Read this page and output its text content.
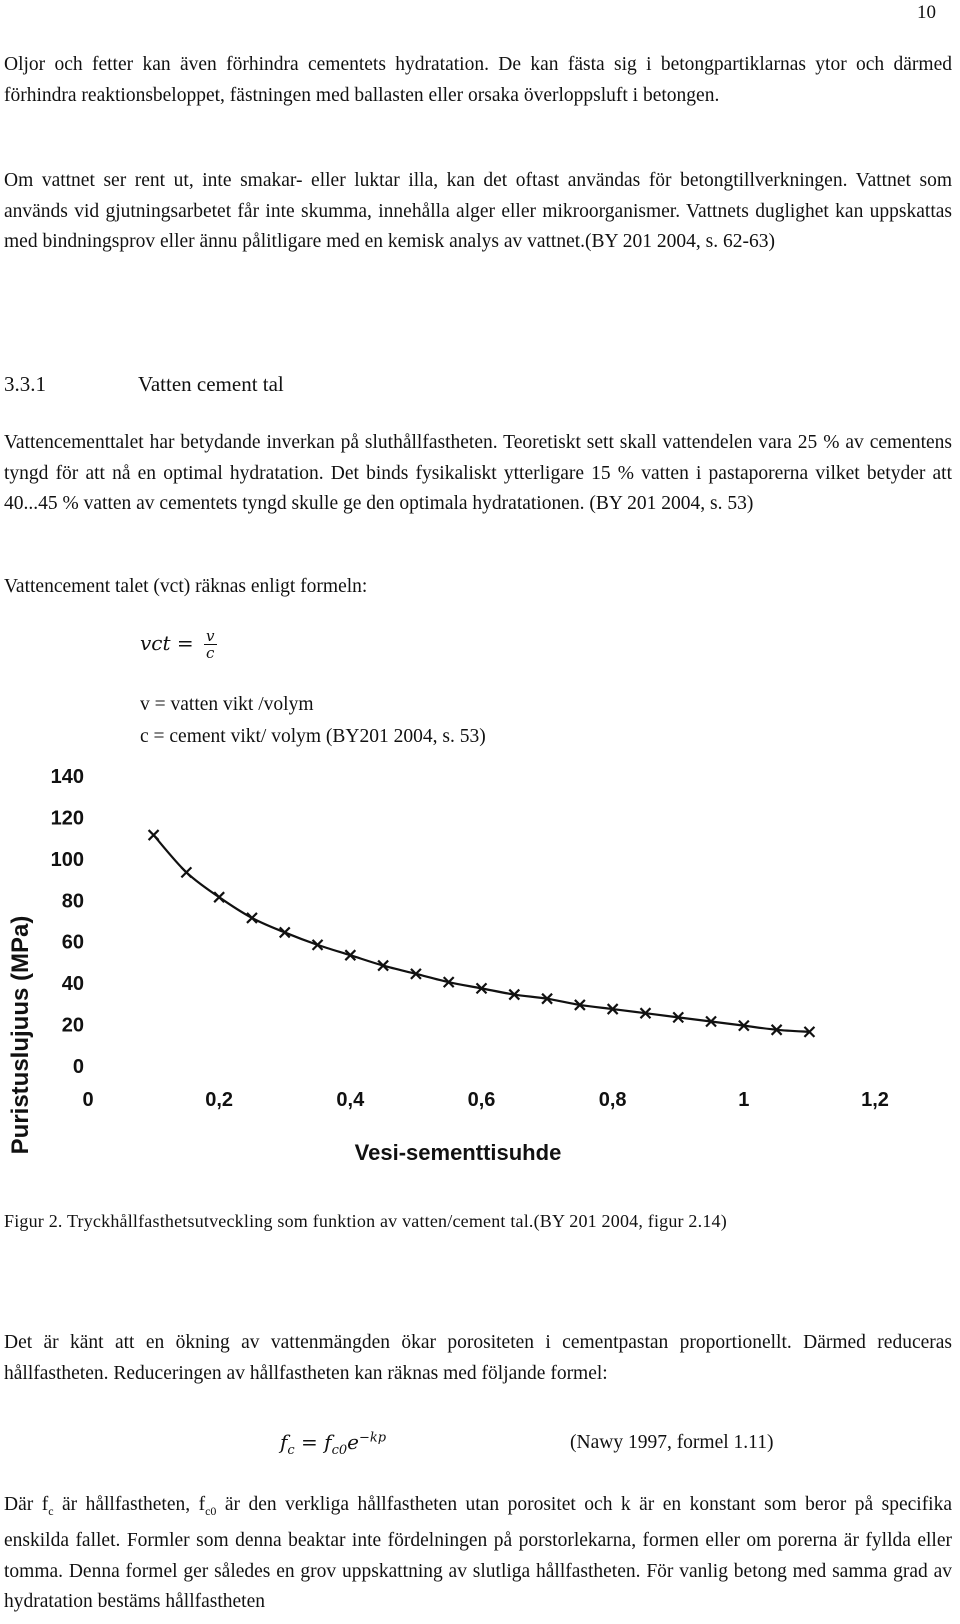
10

Oljor och fetter kan även förhindra cementets hydratation. De kan fästa sig i betongpartiklarnas ytor och därmed förhindra reaktionsbeloppet, fästningen med ballasten eller orsaka överloppsluft i betongen.

Om vattnet ser rent ut, inte smakar- eller luktar illa, kan det oftast användas för betongtillverkningen. Vattnet som används vid gjutningsarbetet får inte skumma, innehålla alger eller mikroorganismer. Vattnets duglighet kan uppskattas med bindningsprov eller ännu pålitligare med en kemisk analys av vattnet.(BY 201 2004, s. 62-63)

3.3.1	Vatten cement tal

Vattencementtalet har betydande inverkan på sluthållfastheten. Teoretiskt sett skall vattendelen vara 25 % av cementens tyngd för att nå en optimal hydratation. Det binds fysikaliskt ytterligare 15 % vatten i pastaporerna vilket betyder att 40...45 % vatten av cementets tyngd skulle ge den optimala hydratationen. (BY 201 2004, s. 53)

Vattencement talet (vct) räknas enligt formeln:

vct = $\frac{v}{c}$
v = vatten vikt /volym
c = cement vikt/ volym (BY201 2004, s. 53)
Puristuslujuus (MPa)	Vesi-sementtisuhde
0
20
40
60
80
100
120
140
0	0,2	0,4	0,6	0,8	1	1,2
Figur 2. Tryckhållfasthetsutveckling som funktion av vatten/cement tal.(BY 201 2004, figur 2.14)

Det är känt att en ökning av vattenmängden ökar porositeten i cementpastan proportionellt. Därmed reduceras hållfastheten. Reduceringen av hållfastheten kan räknas med följande formel:

$f_c = f_{c0}e^{-kp}$	(Nawy 1997, formel 1.11)

Där $f_c$ är hållfastheten, $f_{c0}$ är den verkliga hållfastheten utan porositet och k är en konstant som beror på specifika enskilda fallet. Formler som denna beaktar inte fördelningen på porstorlekarna, formen eller om porerna är fyllda eller tomma. Denna formel ger således en grov uppskattning av slutliga hållfastheten. För vanlig betong med samma grad av hydratation bestäms hållfastheten
